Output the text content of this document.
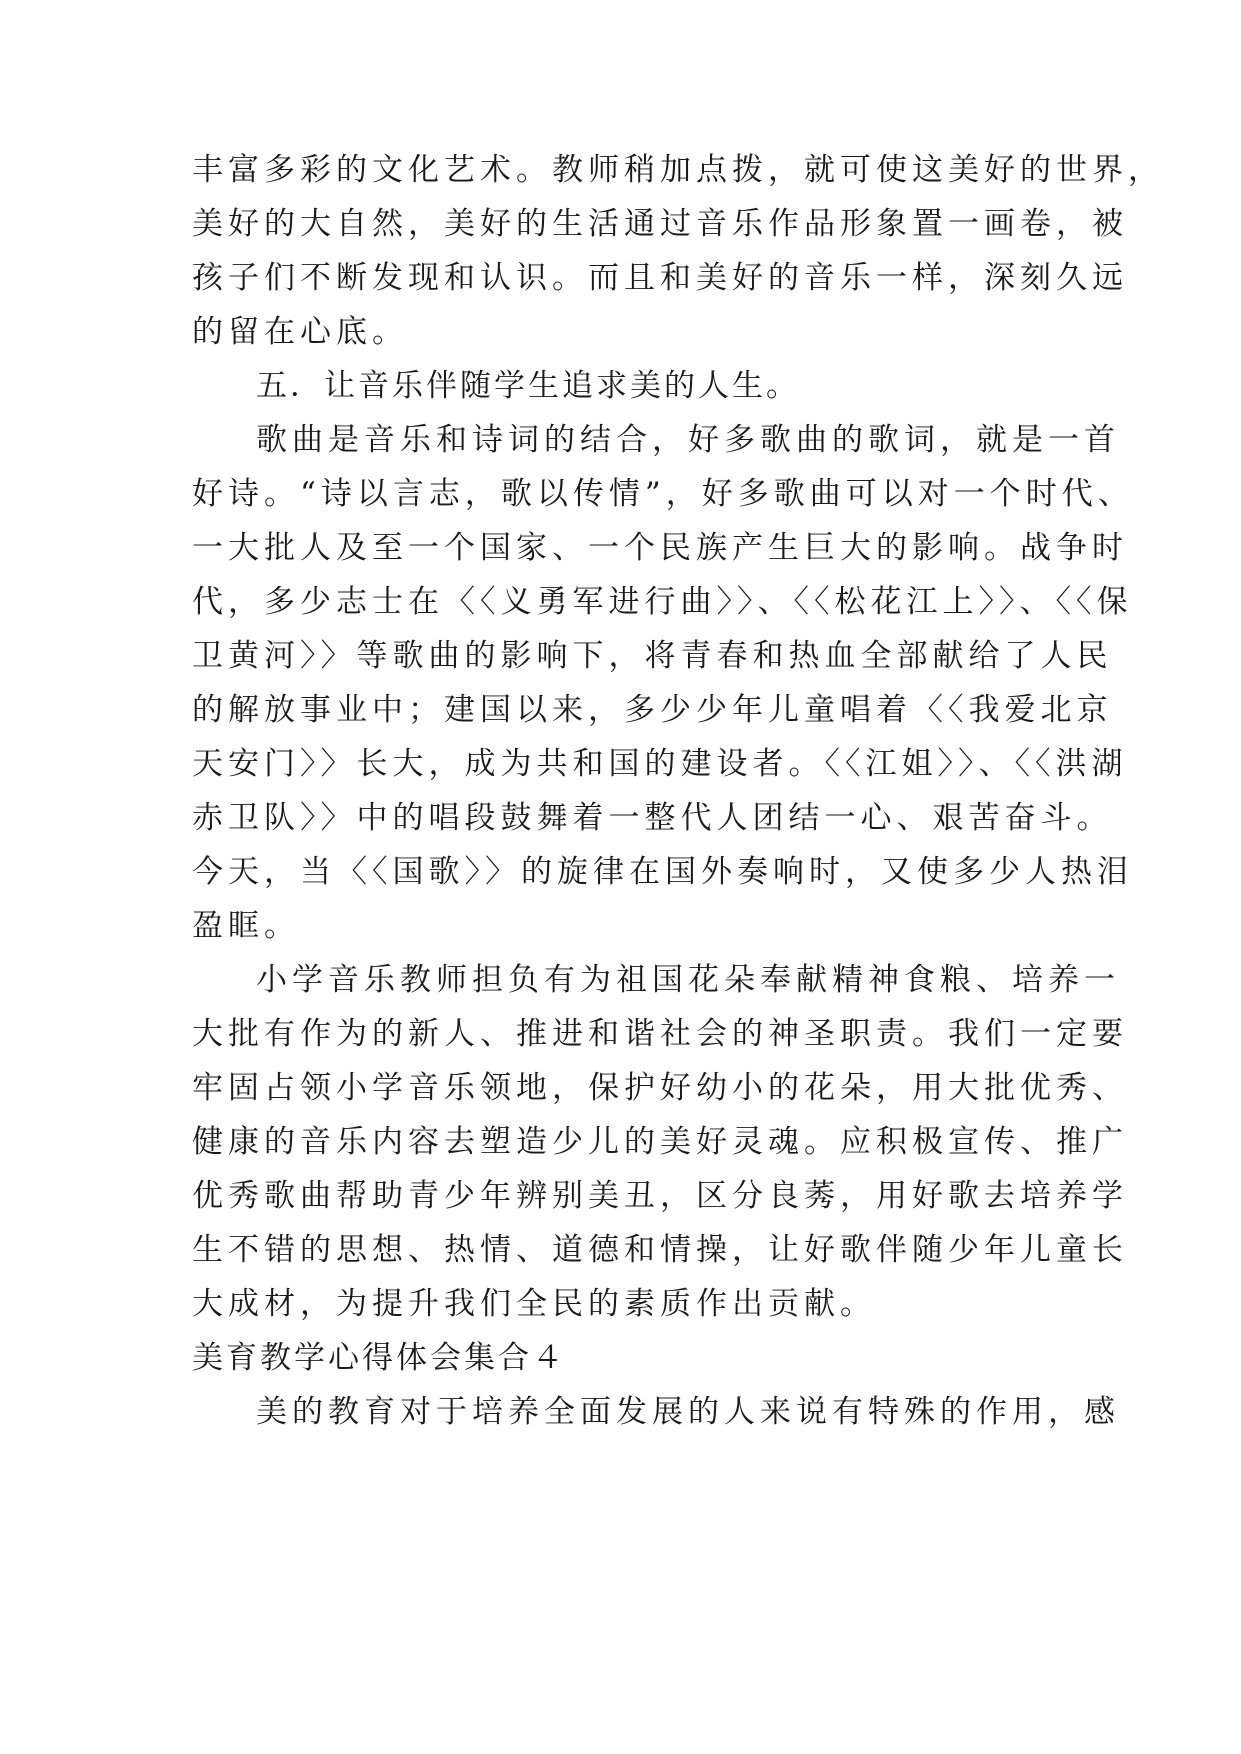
丰富多彩的文化艺术。教师稍加点拨，就可使这美好的世界，
美好的大自然，美好的生活通过音乐作品形象置一画卷，被
孩子们不断发现和认识。而且和美好的音乐一样，深刻久远
的留在心底。
五．让音乐伴随学生追求美的人生。
歌曲是音乐和诗词的结合，好多歌曲的歌词，就是一首
好诗。“诗以言志，歌以传情”，好多歌曲可以对一个时代、
一大批人及至一个国家、一个民族产生巨大的影响。战争时
代，多少志士在〈〈义勇军进行曲〉〉、〈〈松花江上〉〉、〈〈保
卫黄河〉〉等歌曲的影响下，将青春和热血全部献给了人民
的解放事业中；建国以来，多少少年儿童唱着〈〈我爱北京
天安门〉〉长大，成为共和国的建设者。〈〈江姐〉〉、〈〈洪湖
赤卫队〉〉中的唱段鼓舞着一整代人团结一心、艰苦奋斗。
今天，当〈〈国歌〉〉的旋律在国外奏响时，又使多少人热泪
盈眶。
小学音乐教师担负有为祖国花朵奉献精神食粮、培养一
大批有作为的新人、推进和谐社会的神圣职责。我们一定要
牢固占领小学音乐领地，保护好幼小的花朵，用大批优秀、
健康的音乐内容去塑造少儿的美好灵魂。应积极宣传、推广
优秀歌曲帮助青少年辨别美丑，区分良莠，用好歌去培养学
生不错的思想、热情、道德和情操，让好歌伴随少年儿童长
大成材，为提升我们全民的素质作出贡献。
美育教学心得体会集合４
美的教育对于培养全面发展的人来说有特殊的作用，感
